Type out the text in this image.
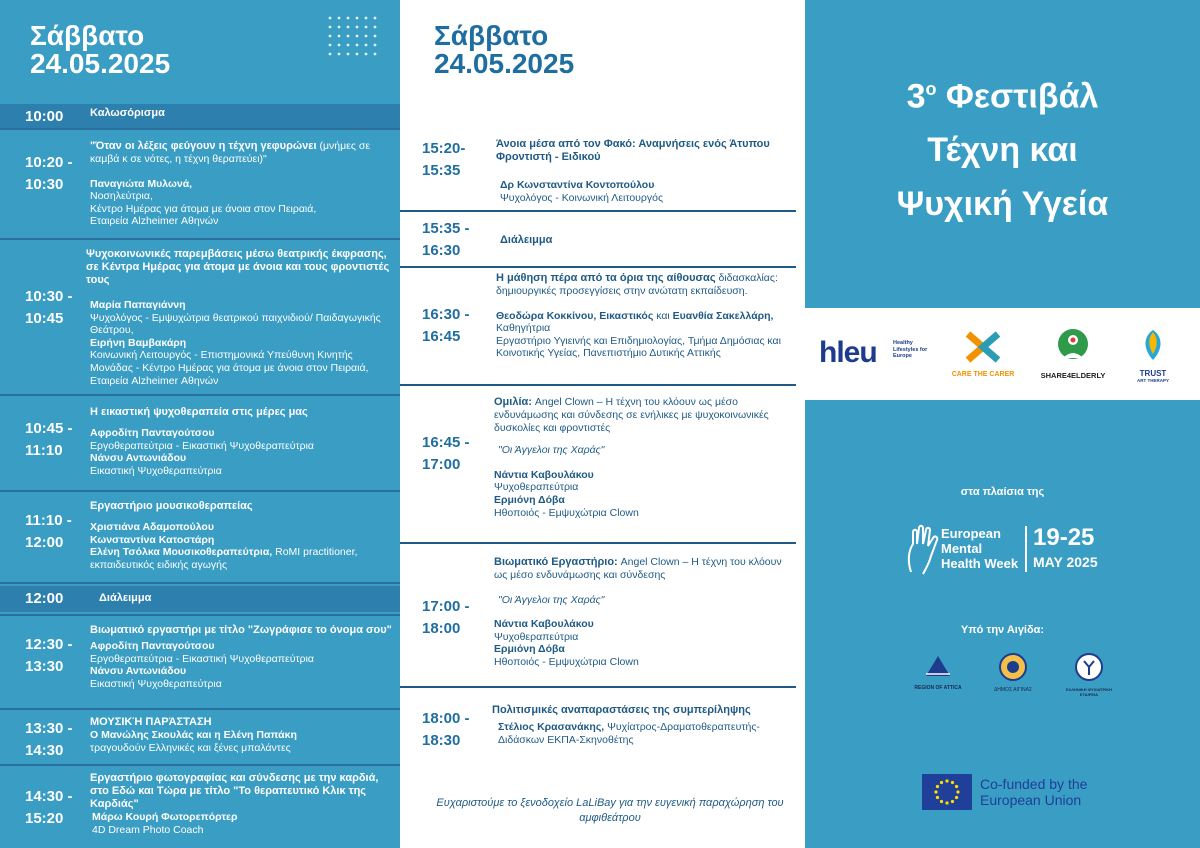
Σάββατο
24.05.2025
10:00 Καλωσόρισμα
10:20 -
10:30
"Όταν οι λέξεις φεύγουν η τέχνη γεφυρώνει (μνήμες σε καμβά κ σε νότες, η τέχνη θεραπεύει)"
Παναγιώτα Μυλωνά,
Νοσηλεύτρια,
Κέντρο Ημέρας για άτομα με άνοια στον Πειραιά,
Εταιρεία Alzheimer Αθηνών
10:30 -
10:45
Ψυχοκοινωνικές παρεμβάσεις μέσω θεατρικής έκφρασης, σε Κέντρα Ημέρας για άτομα με άνοια και τους φροντιστές τους
Μαρία Παπαγιάννη
Ψυχολόγος - Εμψυχώτρια θεατρικού παιχνιδιού/ Παιδαγωγικής Θεάτρου,
Ειρήνη Βαμβακάρη
Κοινωνική Λειτουργός - Επιστημονικά Υπεύθυνη Κινητής Μονάδας - Κέντρο Ημέρας για άτομα με άνοια στον Πειραιά, Εταιρεία Alzheimer Αθηνών
10:45 -
11:10
Η εικαστική ψυχοθεραπεία στις μέρες μας
Αφροδίτη Πανταγούτσου
Εργοθεραπεύτρια - Εικαστική Ψυχοθεραπεύτρια
Νάνσυ Αντωνιάδου
Εικαστική Ψυχοθεραπεύτρια
11:10 -
12:00
Εργαστήριο μουσικοθεραπείας
Χριστιάνα Αδαμοπούλου
Κωνσταντίνα Κατοστάρη
Ελένη Τσόλκα Μουσικοθεραπεύτρια, RoMI practitioner, εκπαιδευτικός ειδικής αγωγής
12:00	Διάλειμμα
12:30 -
13:30
Βιωματικό εργαστήρι με τίτλο "Ζωγράφισε το όνομα σου"
Αφροδίτη Πανταγούτσου
Εργοθεραπεύτρια - Εικαστική Ψυχοθεραπεύτρια
Νάνσυ Αντωνιάδου
Εικαστική Ψυχοθεραπεύτρια
13:30 -
14:30
ΜΟΥΣΙΚΉ ΠΑΡΆΣΤΑΣΗ
Ο Μανώλης Σκουλάς και η Ελένη Παπάκη
τραγουδούν Ελληνικές και ξένες μπαλάντες
14:30 -
15:20
Εργαστήριο φωτογραφίας και σύνδεσης με την καρδιά, στο Εδώ και Τώρα με τίτλο "Το θεραπευτικό Κλικ της Καρδιάς"
Μάρω Κουρή Φωτορεπόρτερ
4D Dream Photo Coach
Σάββατο
24.05.2025
15:20-
15:35
Άνοια μέσα από τον Φακό: Αναμνήσεις ενός Άτυπου Φροντιστή - Ειδικού
Δρ Κωνσταντίνα Κοντοπούλου
Ψυχολόγος - Κοινωνική Λειτουργός
15:35 -
16:30
Διάλειμμα
16:30 -
16:45
Η μάθηση πέρα από τα όρια της αίθουσας διδασκαλίας: δημιουργικές προσεγγίσεις στην ανώτατη εκπαίδευση.
Θεοδώρα Κοκκίνου, Εικαστικός και Ευανθία Σακελλάρη,
Καθηγήτρια
Εργαστήριο Υγιεινής και Επιδημιολογίας, Τμήμα Δημόσιας και Κοινοτικής Υγείας, Πανεπιστήμιο Δυτικής Αττικής
16:45 -
17:00
Ομιλία: Angel Clown – Η τέχνη του κλόουν ως μέσο ενδυνάμωσης και σύνδεσης σε ενήλικες με ψυχοκοινωνικές δυσκολίες και φροντιστές
"Οι Άγγελοι της Χαράς"
Νάντια Καβουλάκου
Ψυχοθεραπεύτρια
Ερμιόνη Δόβα
Ηθοποιός - Εμψυχώτρια Clown
17:00 -
18:00
Βιωματικό Εργαστήριο: Angel Clown – Η τέχνη του κλόουν ως μέσο ενδυνάμωσης και σύνδεσης
"Οι Άγγελοι της Χαράς"
Νάντια Καβουλάκου
Ψυχοθεραπεύτρια
Ερμιόνη Δόβα
Ηθοποιός - Εμψυχώτρια Clown
18:00 -
18:30
Πολιτισμικές αναπαραστάσεις της συμπερίληψης
Στέλιος Κρασανάκης, Ψυχίατρος-Δραματοθεραπευτής-Διδάσκων ΕΚΠΑ-Σκηνοθέτης
Ευχαριστούμε το ξενοδοχείο LaLiBay για την ευγενική παραχώρηση του αμφιθεάτρου
$3^o$ Φεστιβάλ
Τέχνη και
Ψυχική Υγεία
hleu	Healthy Lifestyles for Europe
CARE THE CARER	SHARE4ELDERLY	TRUST
ART THERAPY
στα πλαίσια της
European
Mental
Health Week
19-25
MAY 2025
Υπό την Αιγίδα:
REGION OF ATTICA	ΔΗΜΟΣ ΑΙΓΙΝΑΣ	ΕΛΛΗΝΙΚΗ ΨΥΧΙΑΤΡΙΚΗ ΕΤΑΙΡΕΙΑ
Co-funded by the
European Union
